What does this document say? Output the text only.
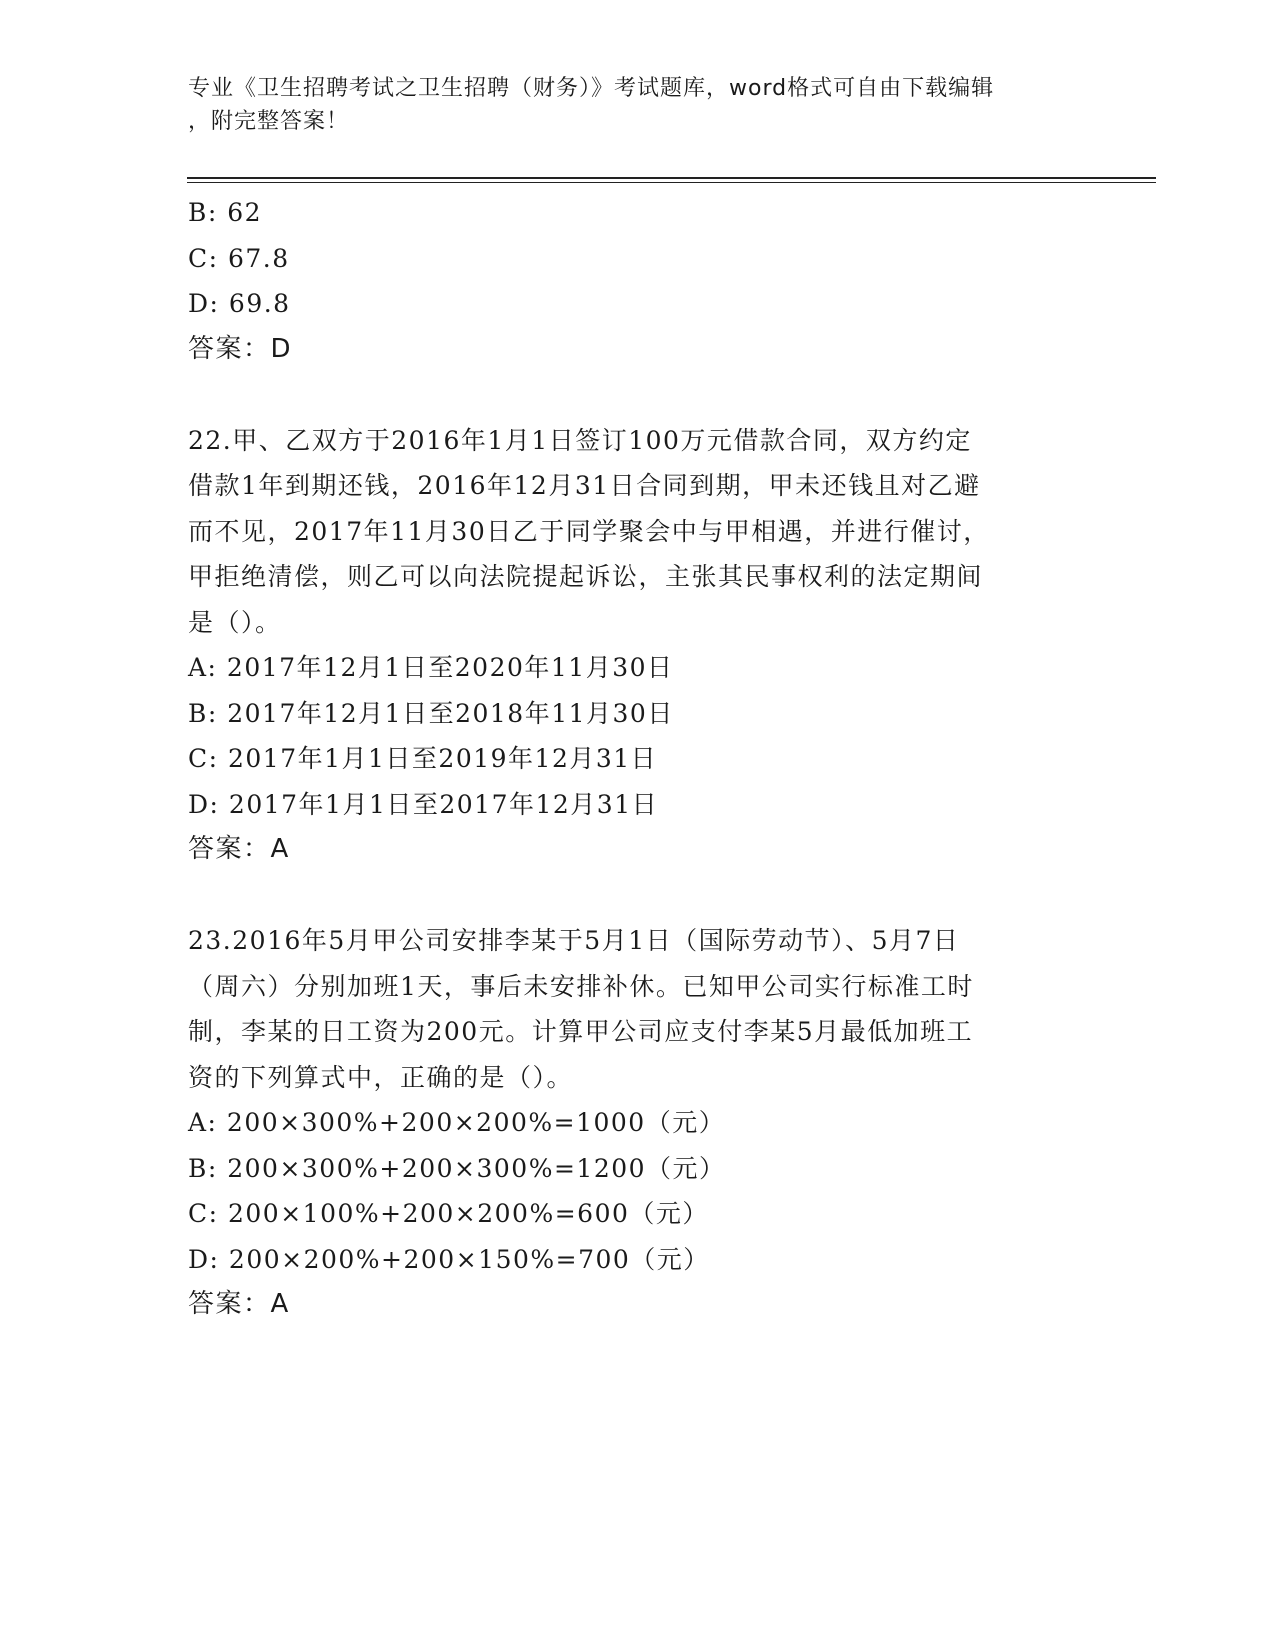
专业《卫生招聘考试之卫生招聘（财务）》考试题库，word格式可自由下载编辑
，附完整答案！
B: 62
C: 67.8
D: 69.8
答案：D
22.甲、乙双方于2016年1月1日签订100万元借款合同，双方约定
借款1年到期还钱，2016年12月31日合同到期，甲未还钱且对乙避
而不见，2017年11月30日乙于同学聚会中与甲相遇，并进行催讨，
甲拒绝清偿，则乙可以向法院提起诉讼，主张其民事权利的法定期间
是（）。
A: 2017年12月1日至2020年11月30日
B: 2017年12月1日至2018年11月30日
C: 2017年1月1日至2019年12月31日
D: 2017年1月1日至2017年12月31日
答案：A
23.2016年5月甲公司安排李某于5月1日（国际劳动节）、5月7日
（周六）分别加班1天，事后未安排补休。已知甲公司实行标准工时
制，李某的日工资为200元。计算甲公司应支付李某5月最低加班工
资的下列算式中，正确的是（）。
A: 200×300%+200×200%=1000（元）
B: 200×300%+200×300%=1200（元）
C: 200×100%+200×200%=600（元）
D: 200×200%+200×150%=700（元）
答案：A
